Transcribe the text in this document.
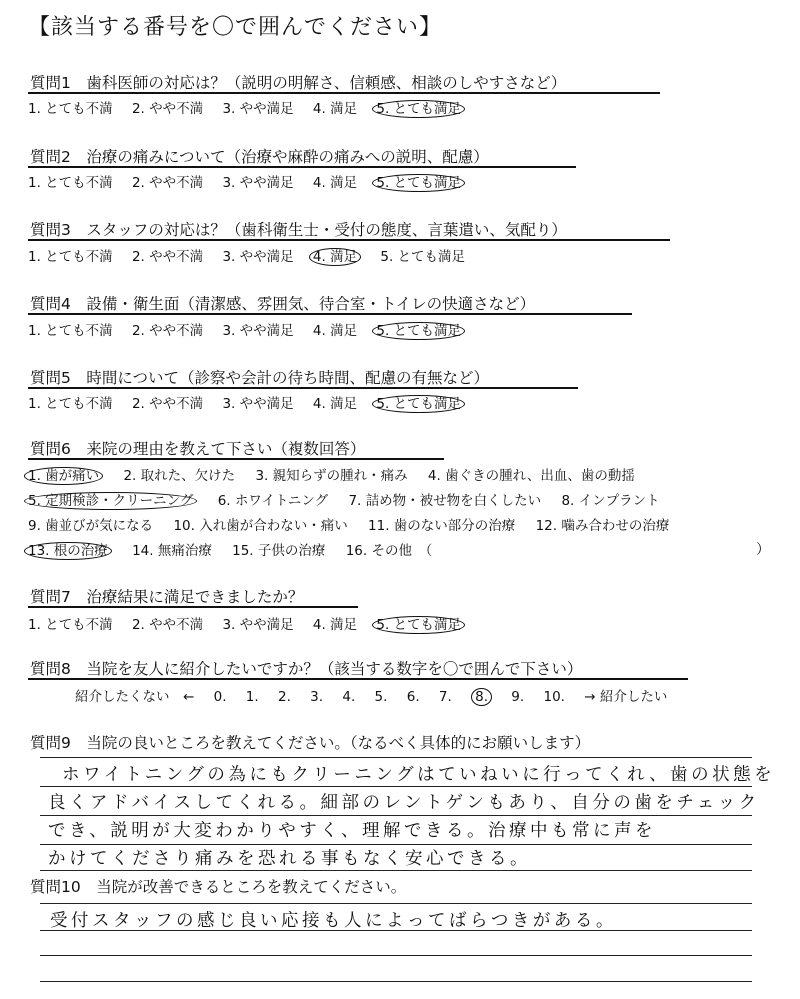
【該当する番号を〇で囲んでください】
質問1　歯科医師の対応は？（説明の明解さ、信頼感、相談のしやすさなど）
1. とても不満 2. やや不満 3. やや満足 4. 満足 5. とても満足
質問2　治療の痛みについて（治療や麻酔の痛みへの説明、配慮）
1. とても不満 2. やや不満 3. やや満足 4. 満足 5. とても満足
質問3　スタッフの対応は？（歯科衛生士・受付の態度、言葉遣い、気配り）
1. とても不満 2. やや不満 3. やや満足 4. 満足 5. とても満足
質問4　設備・衛生面（清潔感、雰囲気、待合室・トイレの快適さなど）
1. とても不満 2. やや不満 3. やや満足 4. 満足 5. とても満足
質問5　時間について（診察や会計の待ち時間、配慮の有無など）
1. とても不満 2. やや不満 3. やや満足 4. 満足 5. とても満足
質問6　来院の理由を教えて下さい（複数回答）
1. 歯が痛い 2. 取れた、欠けた 3. 親知らずの腫れ・痛み 4. 歯ぐきの腫れ、出血、歯の動揺
5. 定期検診・クリーニング 6. ホワイトニング 7. 詰め物・被せ物を白くしたい 8. インプラント
9. 歯並びが気になる 10. 入れ歯が合わない・痛い 11. 歯のない部分の治療 12. 噛み合わせの治療
13. 根の治療 14. 無痛治療 15. 子供の治療 16. その他　（	）
質問7　治療結果に満足できましたか？
1. とても不満 2. やや不満 3. やや満足 4. 満足 5. とても満足
質問8　当院を友人に紹介したいですか？（該当する数字を〇で囲んで下さい）
紹介したくない　← 0. 1. 2. 3. 4. 5. 6. 7. 8. 9. 10. → 紹介したい
質問9　当院の良いところを教えてください。（なるべく具体的にお願いします）
ホワイトニングの為にもクリーニングはていねいに行ってくれ、歯の状態を
良くアドバイスしてくれる。細部のレントゲンもあり、自分の歯をチェック
でき、説明が大変わかりやすく、理解できる。治療中も常に声を
かけてくださり痛みを恐れる事もなく安心できる。
質問10　当院が改善できるところを教えてください。
受付スタッフの感じ良い応接も人によってばらつきがある。
